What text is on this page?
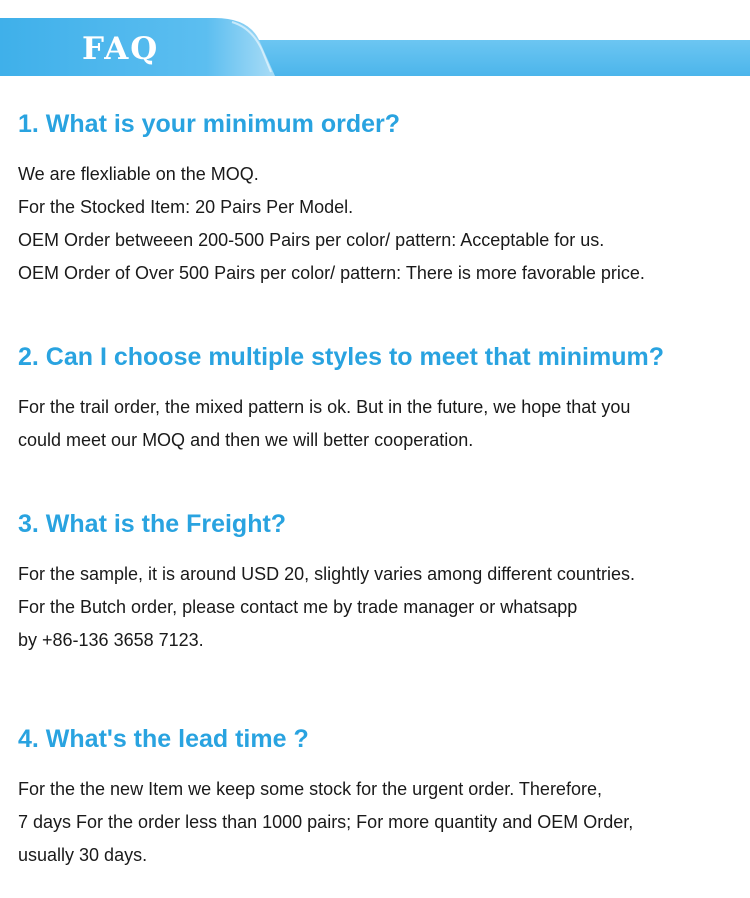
FAQ
1. What is your minimum order?
We are flexliable on the MOQ.
For the Stocked Item: 20 Pairs Per Model.
OEM Order betweeen 200-500 Pairs per color/ pattern: Acceptable for us.
OEM Order of Over 500 Pairs per color/ pattern: There is more favorable price.
2. Can I choose multiple styles to meet that minimum?
For the trail order, the mixed pattern is ok. But in the future, we hope that you
could meet our MOQ and then we will better cooperation.
3. What is the Freight?
For the sample, it is around USD 20, slightly varies among different countries.
For the Butch order, please contact me by trade manager or whatsapp
by +86-136 3658 7123.
4. What's the lead time ?
For the the new Item we keep some stock for the urgent order. Therefore,
7 days For the order less than 1000 pairs; For more quantity and OEM Order,
usually 30 days.
